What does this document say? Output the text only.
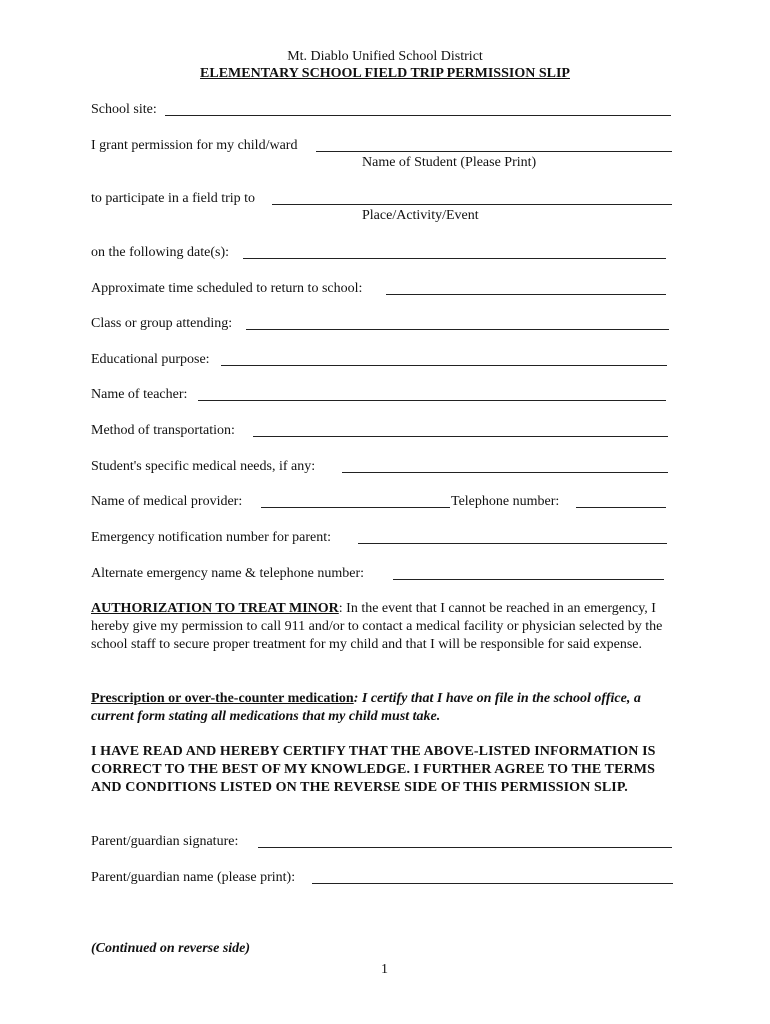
Mt. Diablo Unified School District
ELEMENTARY SCHOOL FIELD TRIP PERMISSION SLIP
School site:
I grant permission for my child/ward
Name of Student (Please Print)
to participate in a field trip to
Place/Activity/Event
on the following date(s):
Approximate time scheduled to return to school:
Class or group attending:
Educational purpose:
Name of teacher:
Method of transportation:
Student's specific medical needs, if any:
Name of medical provider:	Telephone number:
Emergency notification number for parent:
Alternate emergency name & telephone number:
AUTHORIZATION TO TREAT MINOR: In the event that I cannot be reached in an emergency, I hereby give my permission to call 911 and/or to contact a medical facility or physician selected by the school staff to secure proper treatment for my child and that I will be responsible for said expense.
Prescription or over-the-counter medication: I certify that I have on file in the school office, a current form stating all medications that my child must take.
I HAVE READ AND HEREBY CERTIFY THAT THE ABOVE-LISTED INFORMATION IS CORRECT TO THE BEST OF MY KNOWLEDGE. I FURTHER AGREE TO THE TERMS AND CONDITIONS LISTED ON THE REVERSE SIDE OF THIS PERMISSION SLIP.
Parent/guardian signature:
Parent/guardian name (please print):
(Continued on reverse side)
1
